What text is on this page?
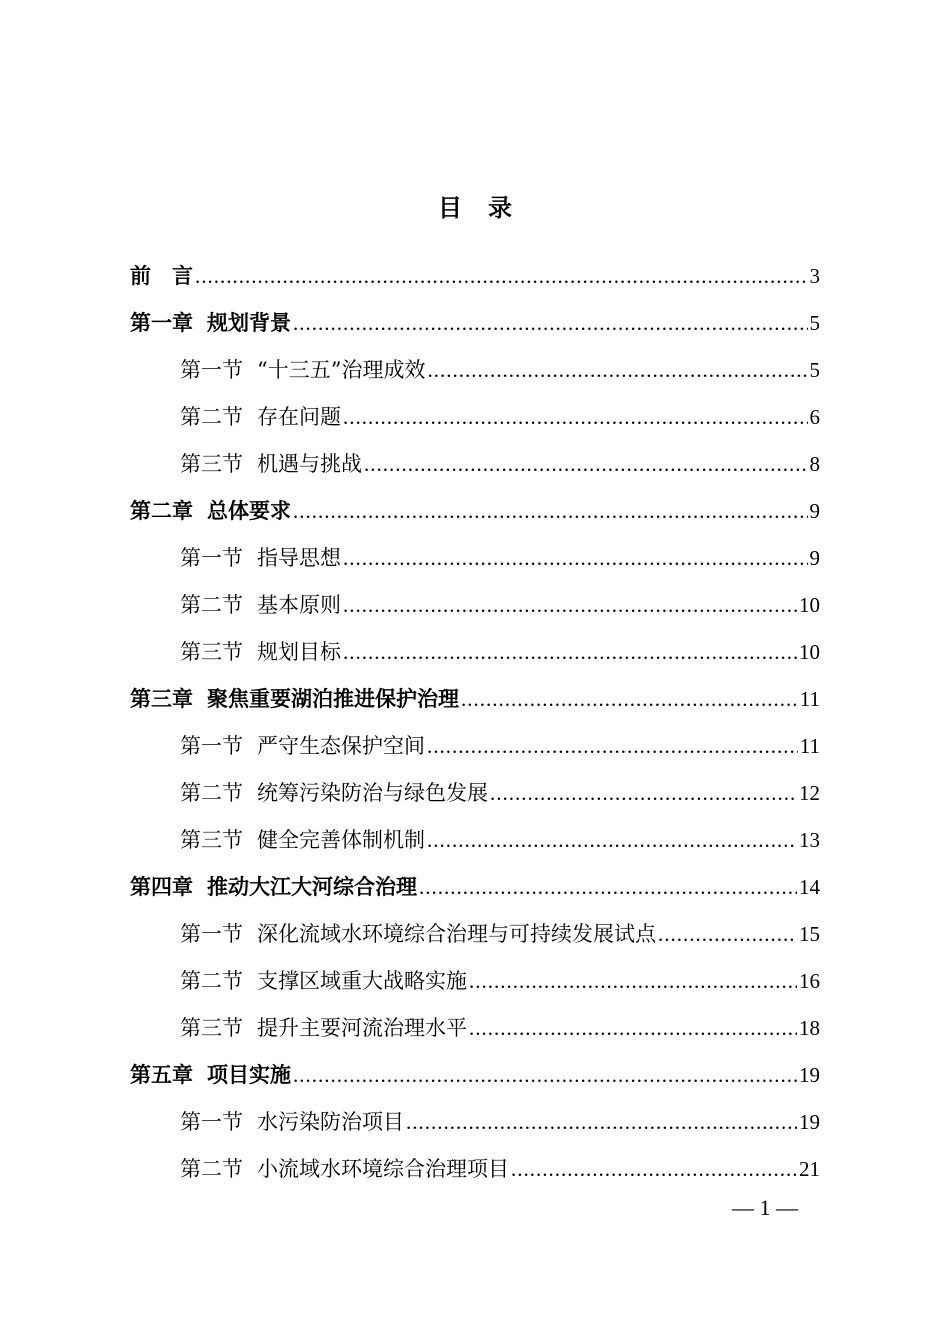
目 录
前　言 .....	3
第一章 规划背景 .....	5
第一节 “十三五”治理成效 .....	5
第二节 存在问题 .....	6
第三节 机遇与挑战 .....	8
第二章 总体要求 .....	9
第一节 指导思想 .....	9
第二节 基本原则 .....	10
第三节 规划目标 .....	10
第三章 聚焦重要湖泊推进保护治理 .....	11
第一节 严守生态保护空间 .....	11
第二节 统筹污染防治与绿色发展 .....	12
第三节 健全完善体制机制 .....	13
第四章 推动大江大河综合治理 .....	14
第一节 深化流域水环境综合治理与可持续发展试点 .....	15
第二节 支撑区域重大战略实施 .....	16
第三节 提升主要河流治理水平 .....	18
第五章 项目实施 .....	19
第一节 水污染防治项目 .....	19
第二节 小流域水环境综合治理项目 .....	21
— 1 —
